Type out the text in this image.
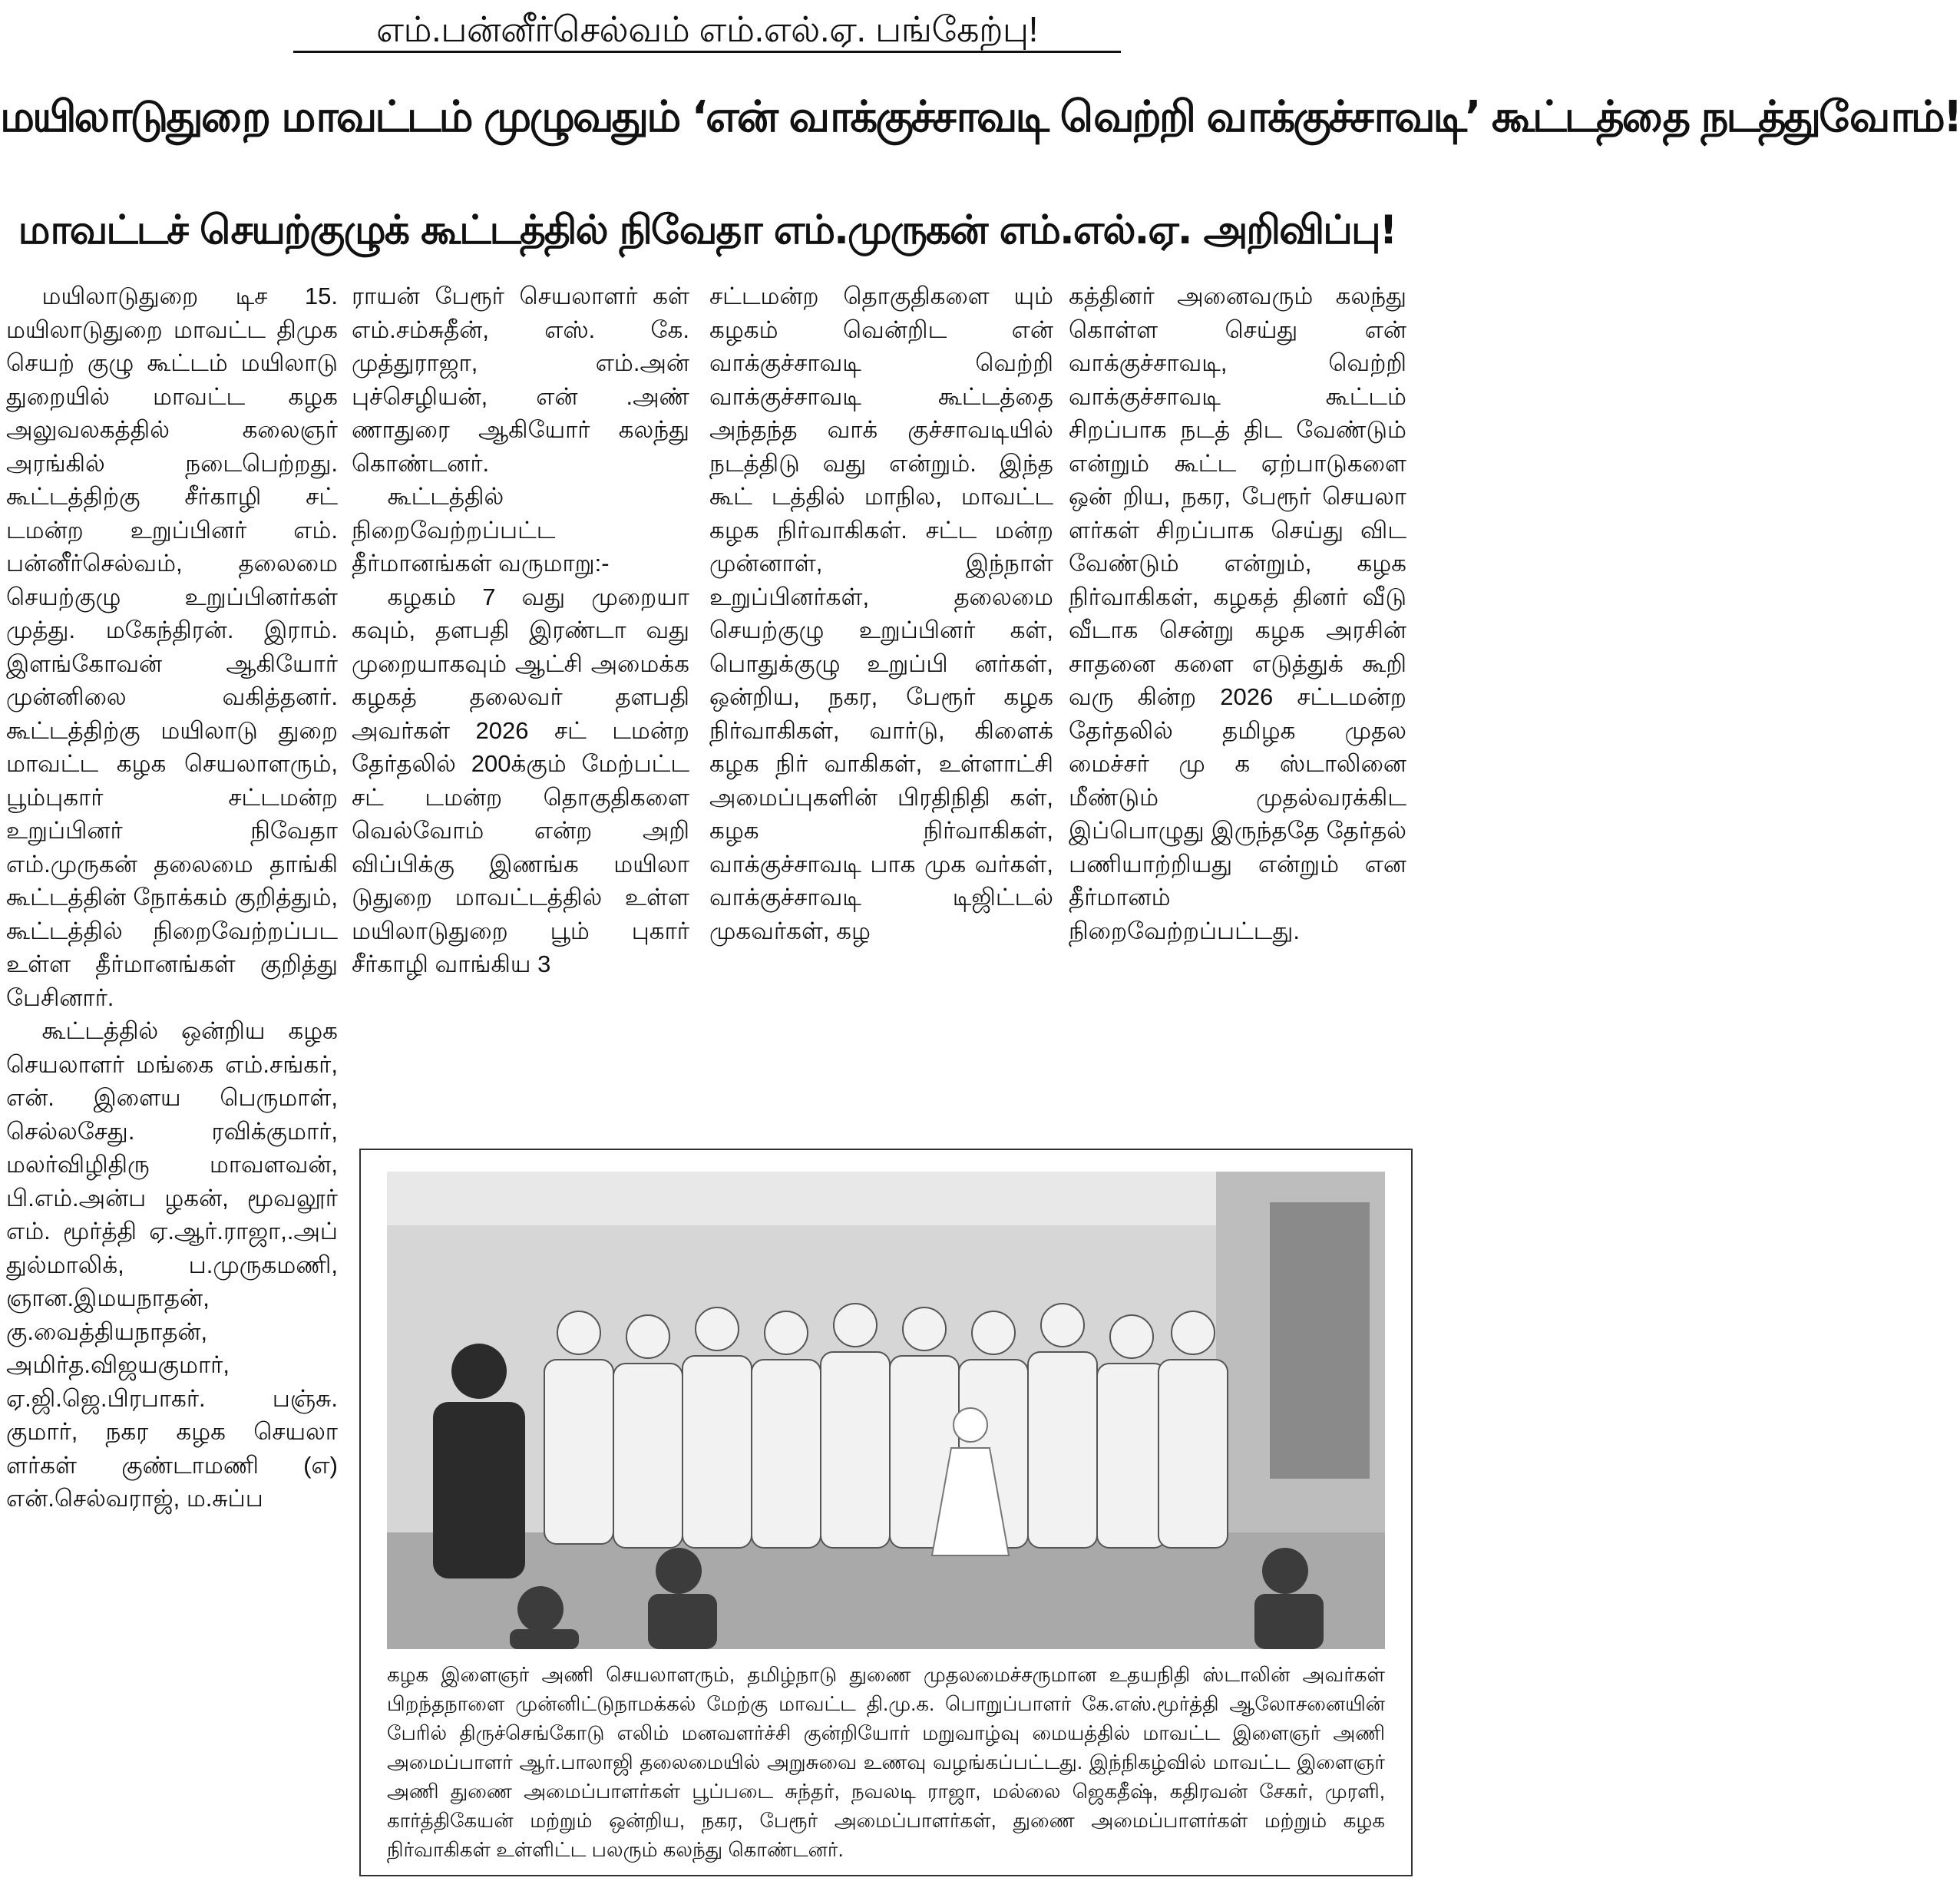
எம்.பன்னீர்செல்வம் எம்.எல்.ஏ. பங்கேற்பு!
மயிலாடுதுறை மாவட்டம் முழுவதும் ‘என் வாக்குச்சாவடி வெற்றி வாக்குச்சாவடி’ கூட்டத்தை நடத்துவோம்!
மாவட்டச் செயற்குழுக் கூட்டத்தில் நிவேதா எம்.முருகன் எம்.எல்.ஏ. அறிவிப்பு!

மயிலாடுதுறை டிச 15. மயிலாடுதுறை மாவட்ட திமுக செயற் குழு கூட்டம் மயிலாடு துறையில் மாவட்ட கழக அலுவலகத்தில் கலைஞர் அரங்கில் நடைபெற்றது. கூட்டத்திற்கு சீர்காழி சட் டமன்ற உறுப்பினர் எம். பன்னீர்செல்வம், தலைமை செயற்குழு உறுப்பினர்கள் முத்து. மகேந்திரன். இராம். இளங்கோவன் ஆகியோர் முன்னிலை வகித்தனர். கூட்டத்திற்கு மயிலாடு துறை மாவட்ட கழக செயலாளரும், பூம்புகார் சட்டமன்ற உறுப்பினர் நிவேதா எம்.முருகன் தலைமை தாங்கி கூட்டத்தின் நோக்கம் குறித்தும், கூட்டத்தில் நிறைவேற்றப்பட உள்ள தீர்மானங்கள் குறித்து பேசினார்.

கூட்டத்தில் ஒன்றிய கழக செயலாளர் மங்கை எம்.சங்கர், என். இளைய பெருமாள், செல்லசேது. ரவிக்குமார், மலர்விழிதிரு மாவளவன், பி.எம்.அன்ப ழகன், மூவலூர் எம். மூர்த்தி ஏ.ஆர்.ராஜா,.அப் துல்மாலிக், ப.முருகமணி, ஞான.இமயநாதன், கு.வைத்தியநாதன், அமிர்த.விஜயகுமார், ஏ.ஜி.ஜெ.பிரபாகர். பஞ்சு. குமார், நகர கழக செயலா ளர்கள் குண்டாமணி (எ) என்.செல்வராஜ், ம.சுப்ப

ராயன் பேரூர் செயலாளர் கள் எம்.சம்சுதீன், எஸ். கே. முத்துராஜா, எம்.அன் புச்செழியன், என் .அண் ணாதுரை ஆகியோர் கலந்து கொண்டனர்.

கூட்டத்தில் நிறைவேற்றப்பட்ட தீர்மானங்கள் வருமாறு:-

கழகம் 7 வது முறையா கவும், தளபதி இரண்டா வது முறையாகவும் ஆட்சி அமைக்க கழகத் தலைவர் தளபதி அவர்கள் 2026 சட் டமன்ற தேர்தலில் 200க்கும் மேற்பட்ட சட் டமன்ற தொகுதிகளை வெல்வோம் என்ற அறி விப்பிக்கு இணங்க மயிலா டுதுறை மாவட்டத்தில் உள்ள மயிலாடுதுறை பூம் புகார் சீர்காழி வாங்கிய 3

சட்டமன்ற தொகுதிகளை யும் கழகம் வென்றிட என் வாக்குச்சாவடி வெற்றி வாக்குச்சாவடி கூட்டத்தை அந்தந்த வாக் குச்சாவடியில் நடத்திடு வது என்றும். இந்த கூட் டத்தில் மாநில, மாவட்ட கழக நிர்வாகிகள். சட்ட மன்ற முன்னாள், இந்நாள் உறுப்பினர்கள், தலைமை செயற்குழு உறுப்பினர் கள், பொதுக்குழு உறுப்பி னர்கள், ஒன்றிய, நகர, பேரூர் கழக நிர்வாகிகள், வார்டு, கிளைக் கழக நிர் வாகிகள், உள்ளாட்சி அமைப்புகளின் பிரதிநிதி கள், கழக நிர்வாகிகள், வாக்குச்சாவடி பாக முக வர்கள், வாக்குச்சாவடி டிஜிட்டல் முகவர்கள், கழ

கத்தினர் அனைவரும் கலந்து கொள்ள செய்து என் வாக்குச்சாவடி, வெற்றி வாக்குச்சாவடி கூட்டம் சிறப்பாக நடத் திட வேண்டும் என்றும் கூட்ட ஏற்பாடுகளை ஒன் றிய, நகர, பேரூர் செயலா ளர்கள் சிறப்பாக செய்து விட வேண்டும் என்றும், கழக நிர்வாகிகள், கழகத் தினர் வீடு வீடாக சென்று கழக அரசின் சாதனை களை எடுத்துக் கூறி வரு கின்ற 2026 சட்டமன்ற தேர்தலில் தமிழக முதல மைச்சர் மு க ஸ்டாலினை மீண்டும் முதல்வரக்கிட இப்பொழுது இருந்ததே தேர்தல் பணியாற்றியது என்றும் என தீர்மானம் நிறைவேற்றப்பட்டது.

கழக இளைஞர் அணி செயலாளரும், தமிழ்நாடு துணை முதலமைச்சருமான உதயநிதி ஸ்டாலின் அவர்கள் பிறந்தநாளை முன்னிட்டுநாமக்கல் மேற்கு மாவட்ட தி.மு.க. பொறுப்பாளர் கே.எஸ்.மூர்த்தி ஆலோசனையின் பேரில் திருச்செங்கோடு எலிம் மனவளர்ச்சி குன்றியோர் மறுவாழ்வு மையத்தில் மாவட்ட இளைஞர் அணி அமைப்பாளர் ஆர்.பாலாஜி தலைமையில் அறுசுவை உணவு வழங்கப்பட்டது. இந்நிகழ்வில் மாவட்ட இளைஞர் அணி துணை அமைப்பாளர்கள் பூப்படை சுந்தர், நவலடி ராஜா, மல்லை ஜெகதீஷ், கதிரவன் சேகர், முரளி, கார்த்திகேயன் மற்றும் ஒன்றிய, நகர, பேரூர் அமைப்பாளர்கள், துணை அமைப்பாளர்கள் மற்றும் கழக நிர்வாகிகள் உள்ளிட்ட பலரும் கலந்து கொண்டனர்.
